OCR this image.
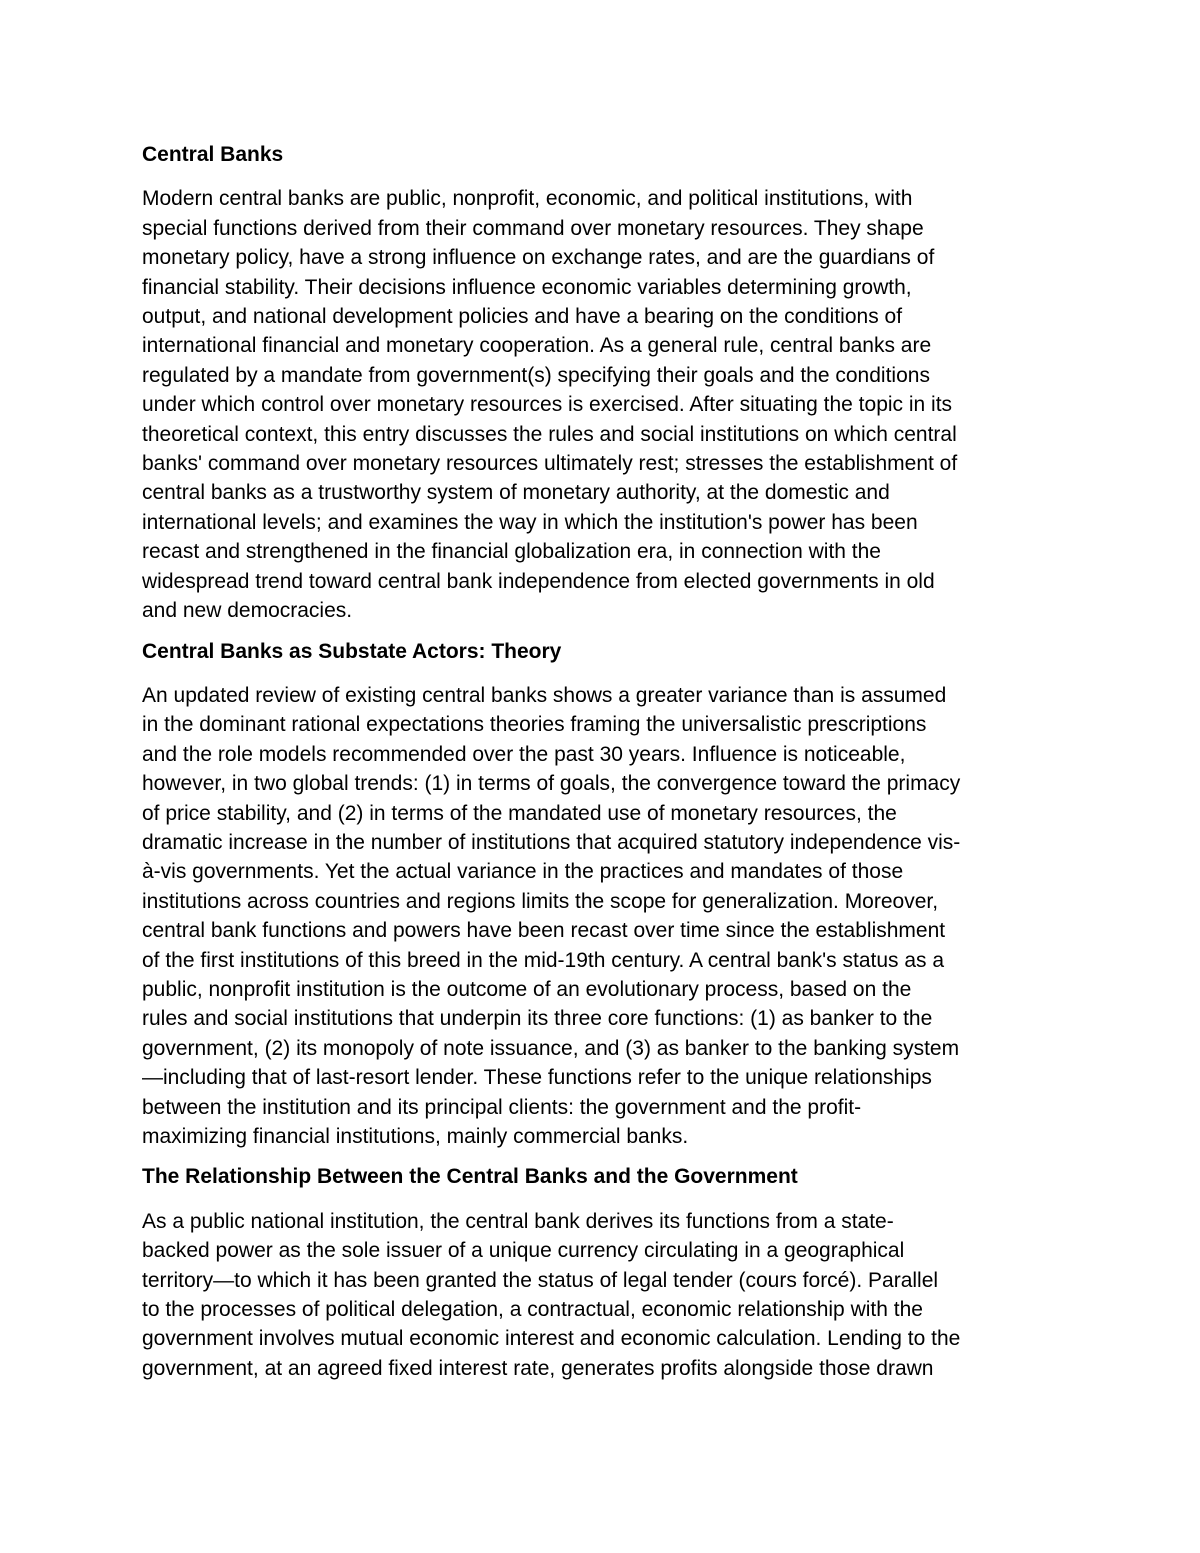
Central Banks
Modern central banks are public, nonprofit, economic, and political institutions, with
special functions derived from their command over monetary resources. They shape
monetary policy, have a strong influence on exchange rates, and are the guardians of
financial stability. Their decisions influence economic variables determining growth,
output, and national development policies and have a bearing on the conditions of
international financial and monetary cooperation. As a general rule, central banks are
regulated by a mandate from government(s) specifying their goals and the conditions
under which control over monetary resources is exercised. After situating the topic in its
theoretical context, this entry discusses the rules and social institutions on which central
banks' command over monetary resources ultimately rest; stresses the establishment of
central banks as a trustworthy system of monetary authority, at the domestic and
international levels; and examines the way in which the institution's power has been
recast and strengthened in the financial globalization era, in connection with the
widespread trend toward central bank independence from elected governments in old
and new democracies.
Central Banks as Substate Actors: Theory
An updated review of existing central banks shows a greater variance than is assumed
in the dominant rational expectations theories framing the universalistic prescriptions
and the role models recommended over the past 30 years. Influence is noticeable,
however, in two global trends: (1) in terms of goals, the convergence toward the primacy
of price stability, and (2) in terms of the mandated use of monetary resources, the
dramatic increase in the number of institutions that acquired statutory independence vis-
à-vis governments. Yet the actual variance in the practices and mandates of those
institutions across countries and regions limits the scope for generalization. Moreover,
central bank functions and powers have been recast over time since the establishment
of the first institutions of this breed in the mid-19th century. A central bank's status as a
public, nonprofit institution is the outcome of an evolutionary process, based on the
rules and social institutions that underpin its three core functions: (1) as banker to the
government, (2) its monopoly of note issuance, and (3) as banker to the banking system
—including that of last-resort lender. These functions refer to the unique relationships
between the institution and its principal clients: the government and the profit-
maximizing financial institutions, mainly commercial banks.
The Relationship Between the Central Banks and the Government
As a public national institution, the central bank derives its functions from a state-
backed power as the sole issuer of a unique currency circulating in a geographical
territory—to which it has been granted the status of legal tender (cours forcé). Parallel
to the processes of political delegation, a contractual, economic relationship with the
government involves mutual economic interest and economic calculation. Lending to the
government, at an agreed fixed interest rate, generates profits alongside those drawn
